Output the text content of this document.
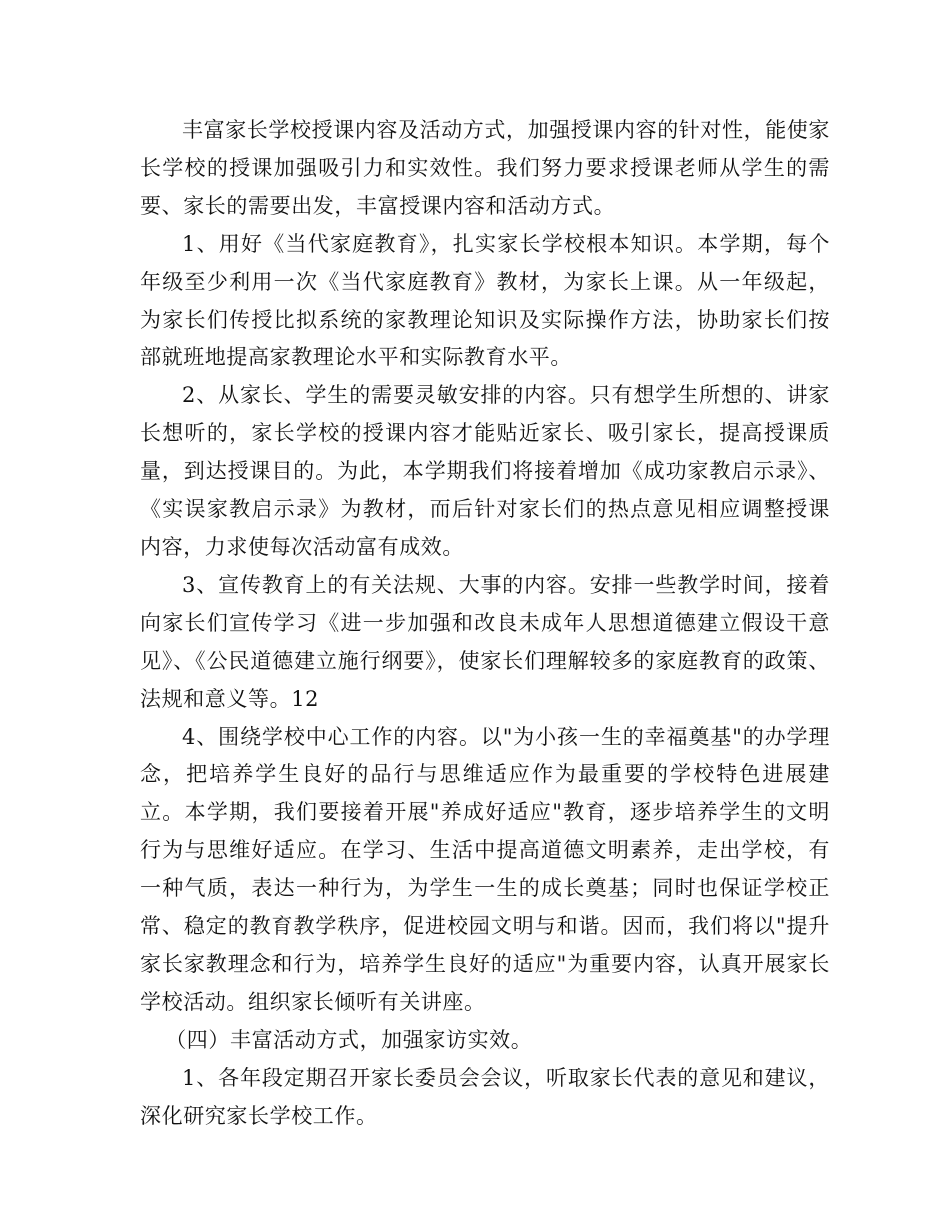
丰富家长学校授课内容及活动方式，加强授课内容的针对性，能使家长学校的授课加强吸引力和实效性。我们努力要求授课老师从学生的需要、家长的需要出发，丰富授课内容和活动方式。

1、用好《当代家庭教育》，扎实家长学校根本知识。本学期，每个年级至少利用一次《当代家庭教育》教材，为家长上课。从一年级起，为家长们传授比拟系统的家教理论知识及实际操作方法，协助家长们按部就班地提高家教理论水平和实际教育水平。

2、从家长、学生的需要灵敏安排的内容。只有想学生所想的、讲家长想听的，家长学校的授课内容才能贴近家长、吸引家长，提高授课质量，到达授课目的。为此，本学期我们将接着增加《成功家教启示录》、《实误家教启示录》为教材，而后针对家长们的热点意见相应调整授课内容，力求使每次活动富有成效。

3、宣传教育上的有关法规、大事的内容。安排一些教学时间，接着向家长们宣传学习《进一步加强和改良未成年人思想道德建立假设干意见》、《公民道德建立施行纲要》，使家长们理解较多的家庭教育的政策、法规和意义等。12

4、围绕学校中心工作的内容。以"为小孩一生的幸福奠基"的办学理念，把培养学生良好的品行与思维适应作为最重要的学校特色进展建立。本学期，我们要接着开展"养成好适应"教育，逐步培养学生的文明行为与思维好适应。在学习、生活中提高道德文明素养，走出学校，有一种气质，表达一种行为，为学生一生的成长奠基；同时也保证学校正常、稳定的教育教学秩序，促进校园文明与和谐。因而，我们将以"提升家长家教理念和行为，培养学生良好的适应"为重要内容，认真开展家长学校活动。组织家长倾听有关讲座。

（四）丰富活动方式，加强家访实效。

1、各年段定期召开家长委员会会议，听取家长代表的意见和建议，深化研究家长学校工作。
